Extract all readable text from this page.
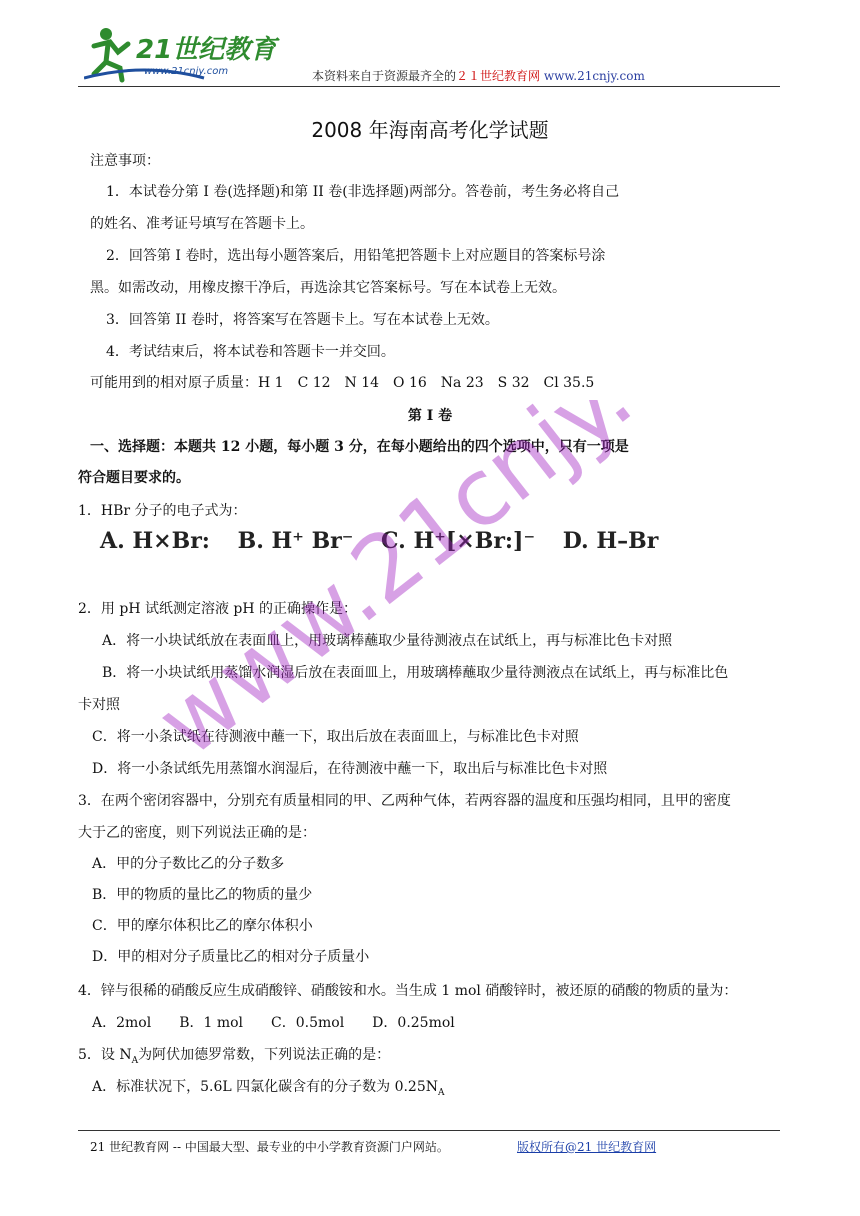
21世纪教育
www.21cnjy.com	本资料来自于资源最齐全的２１世纪教育网 www.21cnjy.com
2008 年海南高考化学试题
注意事项：
1．本试卷分第 I 卷(选择题)和第 II 卷(非选择题)两部分。答卷前，考生务必将自己
的姓名、准考证号填写在答题卡上。
2．回答第 I 卷时，选出每小题答案后，用铅笔把答题卡上对应题目的答案标号涂
黑。如需改动，用橡皮擦干净后，再选涂其它答案标号。写在本试卷上无效。
3．回答第 II 卷时，将答案写在答题卡上。写在本试卷上无效。
4．考试结束后，将本试卷和答题卡一并交回。
可能用到的相对原子质量：H 1　C 12　N 14　O 16　Na 23　S 32　Cl 35.5
第 I 卷
一、选择题：本题共 12 小题，每小题 3 分，在每小题给出的四个选项中，只有一项是
符合题目要求的。
1．HBr 分子的电子式为：
A. H×Br: B. H⁺ Br⁻ C. H⁺[×Br:]⁻ D. H–Br
2．用 pH 试纸测定溶液 pH 的正确操作是：
A．将一小块试纸放在表面皿上，用玻璃棒蘸取少量待测液点在试纸上，再与标准比色卡对照
B．将一小块试纸用蒸馏水润湿后放在表面皿上，用玻璃棒蘸取少量待测液点在试纸上，再与标准比色
卡对照
C．将一小条试纸在待测液中蘸一下，取出后放在表面皿上，与标准比色卡对照
D．将一小条试纸先用蒸馏水润湿后，在待测液中蘸一下，取出后与标准比色卡对照
3．在两个密闭容器中，分别充有质量相同的甲、乙两种气体，若两容器的温度和压强均相同，且甲的密度
大于乙的密度，则下列说法正确的是：
A．甲的分子数比乙的分子数多
B．甲的物质的量比乙的物质的量少
C．甲的摩尔体积比乙的摩尔体积小
D．甲的相对分子质量比乙的相对分子质量小
4．锌与很稀的硝酸反应生成硝酸锌、硝酸铵和水。当生成 1 mol 硝酸锌时，被还原的硝酸的物质的量为：
A．2mol　　B．1 mol　　C．0.5mol　　D．0.25mol
5．设 $N_A$为阿伏加德罗常数，下列说法正确的是：
A．标准状况下，5.6L 四氯化碳含有的分子数为 $0.25N_A$
www.21cnjy.com
21 世纪教育网 -- 中国最大型、最专业的中小学教育资源门户网站。	版权所有@21 世纪教育网
